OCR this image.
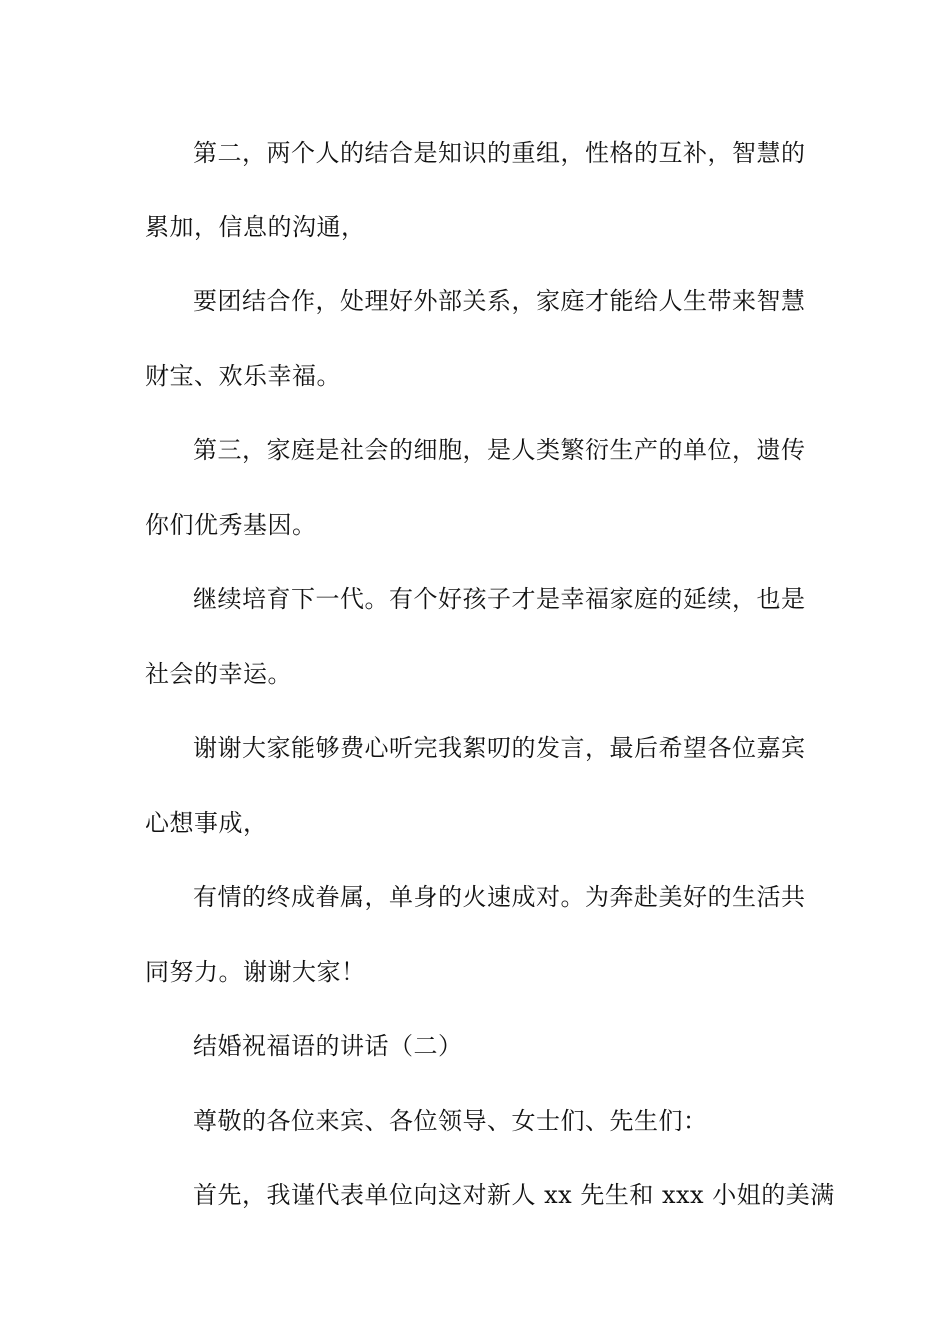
第二，两个人的结合是知识的重组，性格的互补，智慧的
累加，信息的沟通，
要团结合作，处理好外部关系，家庭才能给人生带来智慧
财宝、欢乐幸福。
第三，家庭是社会的细胞，是人类繁衍生产的单位，遗传
你们优秀基因。
继续培育下一代。有个好孩子才是幸福家庭的延续，也是
社会的幸运。
谢谢大家能够费心听完我絮叨的发言，最后希望各位嘉宾
心想事成，
有情的终成眷属，单身的火速成对。为奔赴美好的生活共
同努力。谢谢大家！
结婚祝福语的讲话（二）
尊敬的各位来宾、各位领导、女士们、先生们：
首先，我谨代表单位向这对新人 xx 先生和 xxx 小姐的美满
